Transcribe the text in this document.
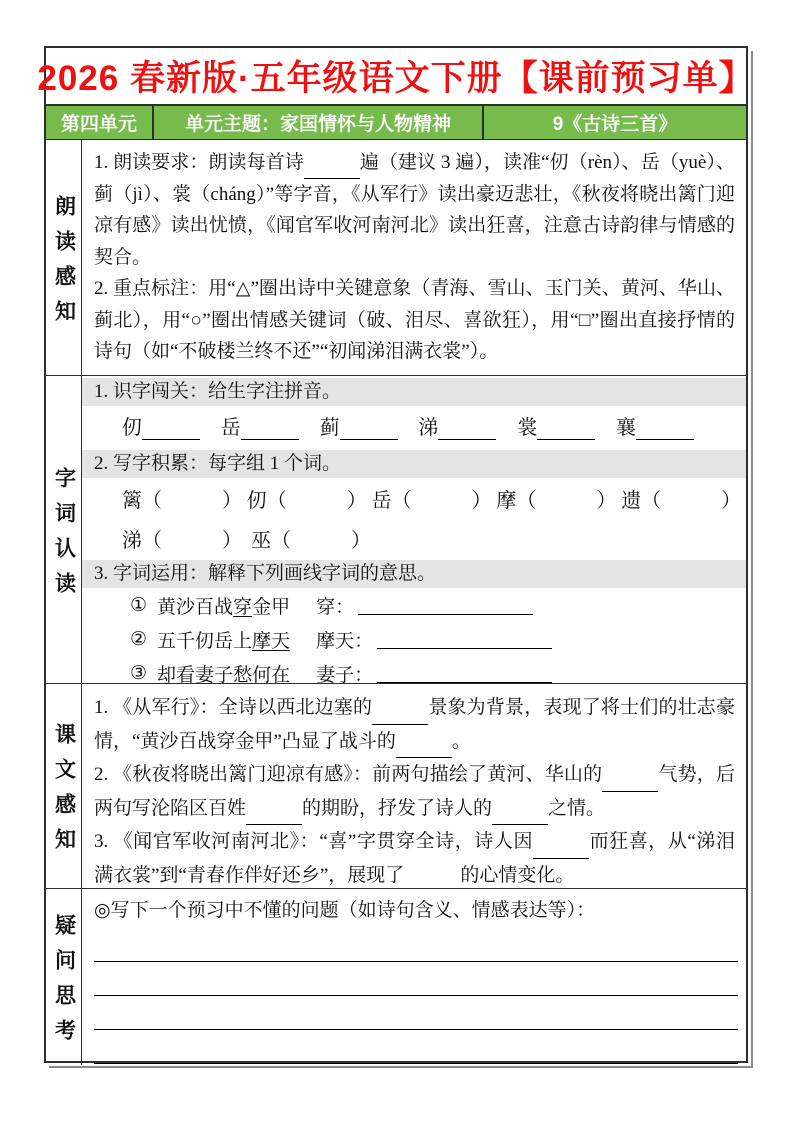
2026 春新版·五年级语文下册【课前预习单】
第四单元	单元主题：家国情怀与人物精神	9《古诗三首》
朗读感知

1. 朗读要求：朗读每首诗	遍（建议 3 遍），读准“仞（rèn）、岳（yuè）、蓟（jì）、裳（cháng）”等字音，《从军行》读出豪迈悲壮，《秋夜将晓出篱门迎凉有感》读出忧愤，《闻官军收河南河北》读出狂喜，注意古诗韵律与情感的契合。

2. 重点标注：用“△”圈出诗中关键意象（青海、雪山、玉门关、黄河、华山、蓟北），用“○”圈出情感关键词（破、泪尽、喜欲狂），用“□”圈出直接抒情的诗句（如“不破楼兰终不还”“初闻涕泪满衣裳”）。

字词认读
1. 识字闯关：给生字注拼音。
仞	岳	蓟	涕	裳	襄
2. 写字积累：每字组 1 个词。
篱（　　　） 仞（　　　） 岳（　　　） 摩（　　　） 遗（　　　）
涕（　　　） 巫（　　　）
3. 字词运用：解释下列画线字词的意思。
① 黄沙百战穿金甲 穿：
② 五千仞岳上摩天 摩天：
③ 却看妻子愁何在 妻子：
课文感知

1. 《从军行》：全诗以西北边塞的	景象为背景，表现了将士们的壮志豪情，“黄沙百战穿金甲”凸显了战斗的	。

2. 《秋夜将晓出篱门迎凉有感》：前两句描绘了黄河、华山的	气势，后两句写沦陷区百姓	的期盼，抒发了诗人的	之情。

3. 《闻官军收河南河北》：“喜”字贯穿全诗，诗人因	而狂喜，从“涕泪满衣裳”到“青春作伴好还乡”，展现了	的心情变化。

疑问思考
◎写下一个预习中不懂的问题（如诗句含义、情感表达等）：
